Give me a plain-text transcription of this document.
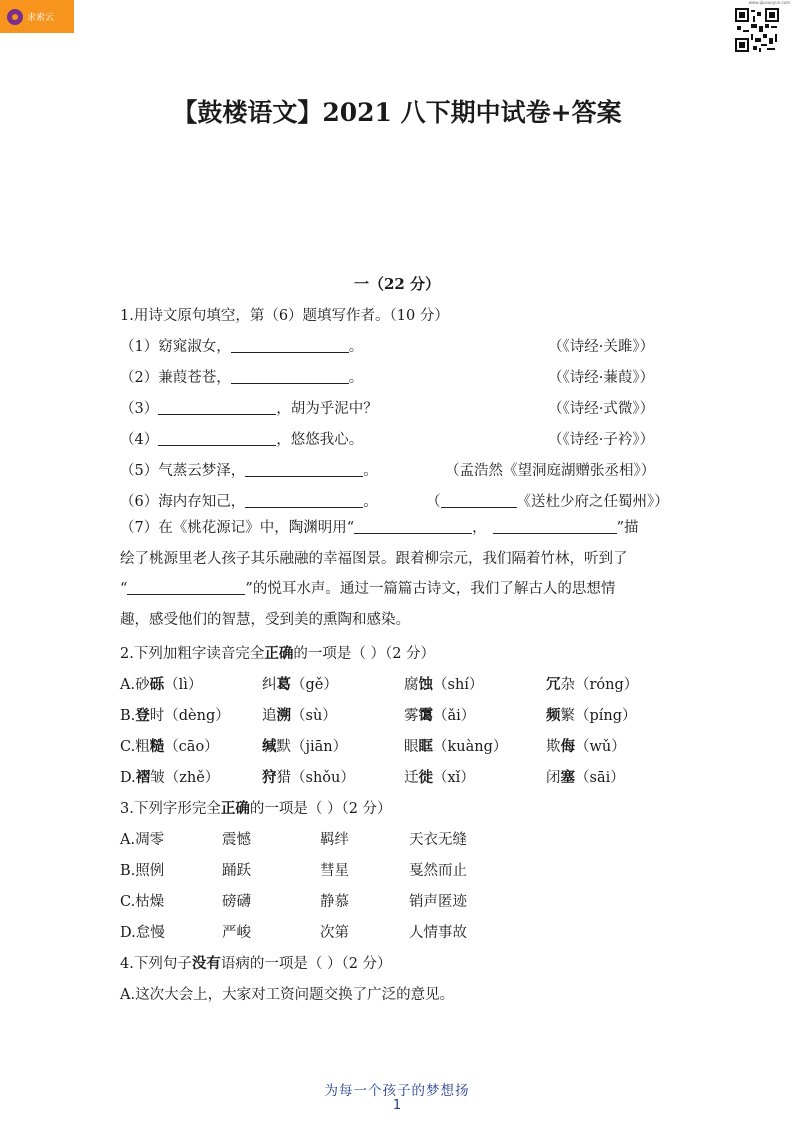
求索云
www.qiusuoyun.com
【鼓楼语文】2021 八下期中试卷+答案
一（22 分）
1.用诗文原句填空，第（6）题填写作者。（10 分）
（1）窈窕淑女，	。	（《诗经·关雎》）
（2）兼葭苍苍，	。	（《诗经·蒹葭》）
（3）	，胡为乎泥中？	（《诗经·式微》）
（4）	，悠悠我心。	（《诗经·子衿》）
（5）气蒸云梦泽，	。	（孟浩然《望洞庭湖赠张丞相》）
（6）海内存知己，	。	（	《送杜少府之任蜀州》）
（7）在《桃花源记》中，陶渊明用“	，	”描
绘了桃源里老人孩子其乐融融的幸福图景。跟着柳宗元，我们隔着竹林，听到了
“	”的悦耳水声。通过一篇篇古诗文，我们了解古人的思想情
趣，感受他们的智慧，受到美的熏陶和感染。
2.下列加粗字读音完全正确的一项是（ ）（2 分）
A.砂砾（lì）	纠葛（gě）	腐蚀（shí）	冗杂（róng）
B.登时（dèng） 追溯（sù）	雾霭（ǎi）	频繁（píng）
C.粗糙（cāo）	缄默（jiān）	眼眶（kuàng）	欺侮（wǔ）
D.褶皱（zhě）	狩猎（shǒu）	迁徙（xǐ）	闭塞（sāi）
3.下列字形完全正确的一项是（ ）（2 分）
A.凋零	震憾	羁绊	天衣无缝
B.照例	踊跃	彗星	戛然而止
C.枯燥	磅礴	静慕	销声匿迹
D.怠慢	严峻	次第	人情事故
4.下列句子没有语病的一项是（ ）（2 分）
A.这次大会上，大家对工资问题交换了广泛的意见。
为每一个孩子的梦想扬
1
